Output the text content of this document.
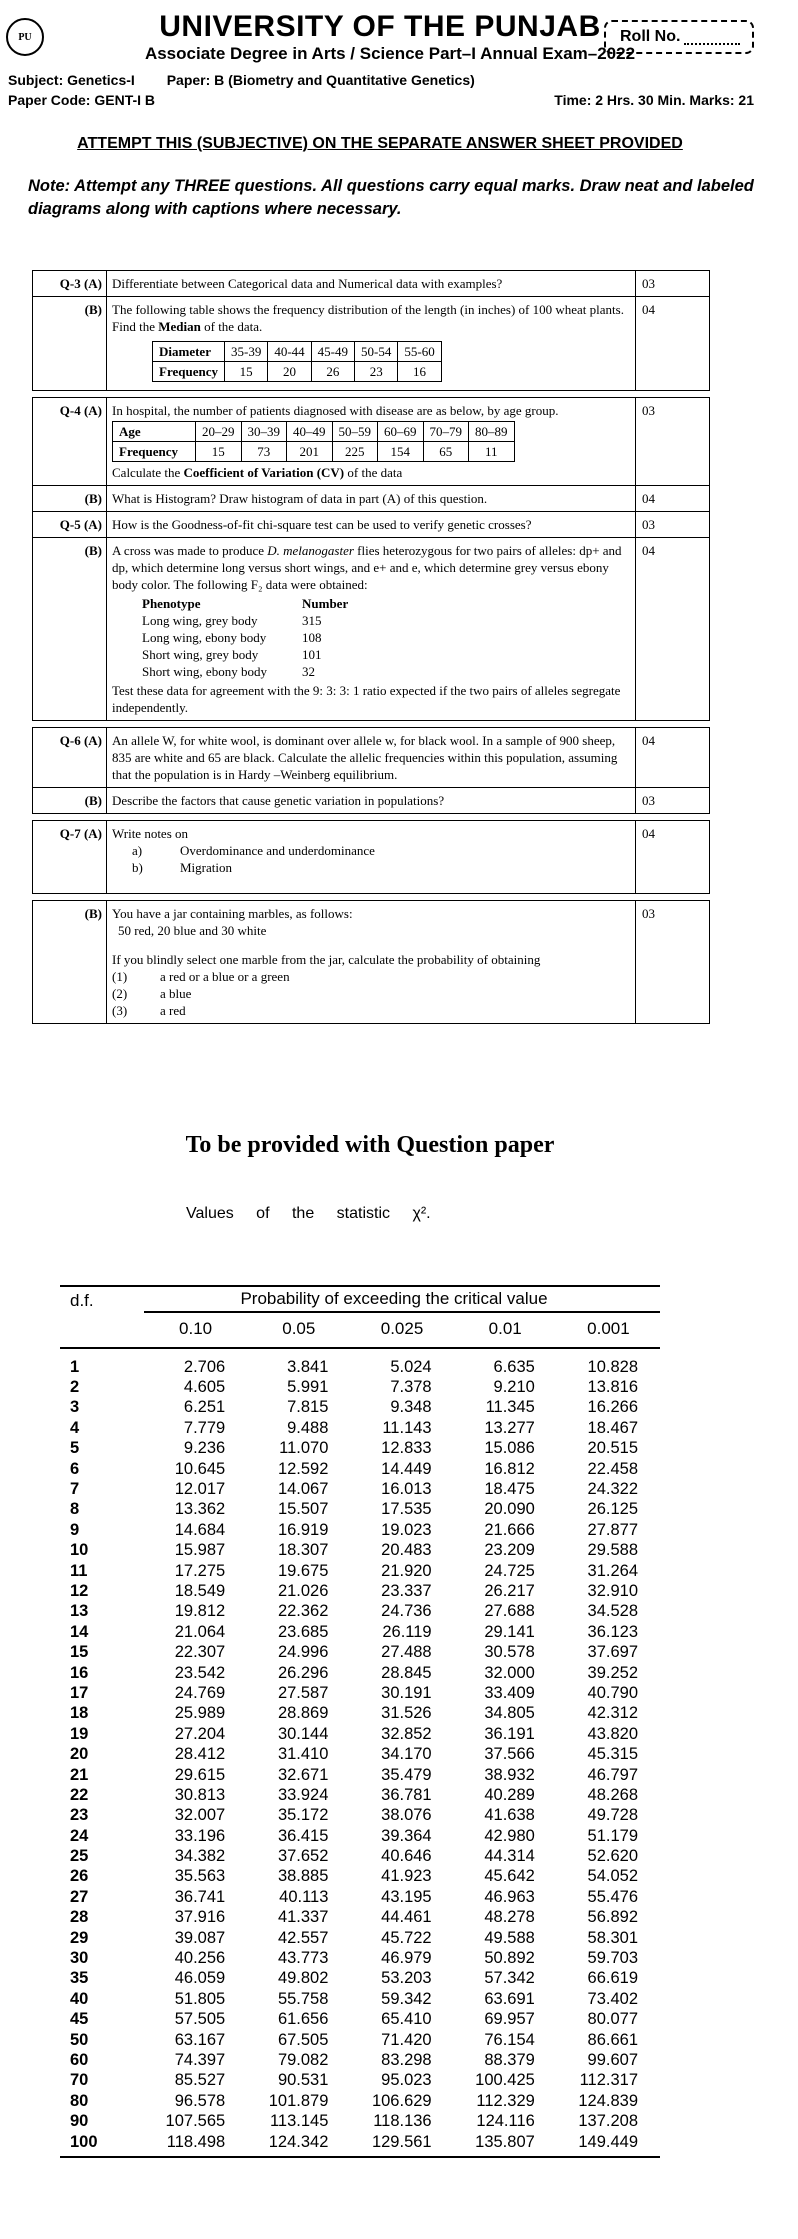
PU	UNIVERSITY OF THE PUNJAB	Roll No.
Associate Degree in Arts / Science Part–I Annual Exam–2022
Subject: Genetics-I Paper: B (Biometry and Quantitative Genetics)
Paper Code: GENT-I B	Time: 2 Hrs. 30 Min. Marks: 21
ATTEMPT THIS (SUBJECTIVE) ON THE SEPARATE ANSWER SHEET PROVIDED
Note: Attempt any THREE questions. All questions carry equal marks. Draw neat and labeled diagrams along with captions where necessary.
Q-3 (A)	Differentiate between Categorical data and Numerical data with examples?	03
(B)	The following table shows the frequency distribution of the length (in inches) of 100 wheat plants. Find the Median of the data.
Diameter	35-39	40-44	45-49	50-54	55-60
Frequency	15	20	26	23	16
	04

Q-4 (A)	In hospital, the number of patients diagnosed with disease are as below, by age group.
Age	20–29	30–39	40–49	50–59	60–69	70–79	80–89
Frequency	15	73	201	225	154	65	11
Calculate the Coefficient of Variation (CV) of the data	03
(B)	What is Histogram? Draw histogram of data in part (A) of this question.	04
Q-5 (A)	How is the Goodness-of-fit chi-square test can be used to verify genetic crosses?	03
(B)	A cross was made to produce D. melanogaster flies heterozygous for two pairs of alleles: dp+ and dp, which determine long versus short wings, and e+ and e, which determine grey versus ebony body color. The following F₂ data were obtained:
Phenotype	Number
Long wing, grey body	315
Long wing, ebony body	108
Short wing, grey body	101
Short wing, ebony body	32
Test these data for agreement with the 9: 3: 3: 1 ratio expected if the two pairs of alleles segregate independently.	04

Q-6 (A)	An allele W, for white wool, is dominant over allele w, for black wool. In a sample of 900 sheep, 835 are white and 65 are black. Calculate the allelic frequencies within this population, assuming that the population is in Hardy –Weinberg equilibrium.	04
(B)	Describe the factors that cause genetic variation in populations?	03

Q-7 (A)	Write notes on
a)	Overdominance and underdominance
b)	Migration
	04

(B)	You have a jar containing marbles, as follows:
50 red, 20 blue and 30 white
If you blindly select one marble from the jar, calculate the probability of obtaining
(1)	a red or a blue or a green
(2)	a blue
(3)	a red
	03
To be provided with Question paper
Values of the statistic χ².
d.f.	Probability of exceeding the critical value
0.10	0.05	0.025	0.01	0.001
1	2.706	3.841	5.024	6.635	10.828
2	4.605	5.991	7.378	9.210	13.816
3	6.251	7.815	9.348	11.345	16.266
4	7.779	9.488	11.143	13.277	18.467
5	9.236	11.070	12.833	15.086	20.515
6	10.645	12.592	14.449	16.812	22.458
7	12.017	14.067	16.013	18.475	24.322
8	13.362	15.507	17.535	20.090	26.125
9	14.684	16.919	19.023	21.666	27.877
10	15.987	18.307	20.483	23.209	29.588
11	17.275	19.675	21.920	24.725	31.264
12	18.549	21.026	23.337	26.217	32.910
13	19.812	22.362	24.736	27.688	34.528
14	21.064	23.685	26.119	29.141	36.123
15	22.307	24.996	27.488	30.578	37.697
16	23.542	26.296	28.845	32.000	39.252
17	24.769	27.587	30.191	33.409	40.790
18	25.989	28.869	31.526	34.805	42.312
19	27.204	30.144	32.852	36.191	43.820
20	28.412	31.410	34.170	37.566	45.315
21	29.615	32.671	35.479	38.932	46.797
22	30.813	33.924	36.781	40.289	48.268
23	32.007	35.172	38.076	41.638	49.728
24	33.196	36.415	39.364	42.980	51.179
25	34.382	37.652	40.646	44.314	52.620
26	35.563	38.885	41.923	45.642	54.052
27	36.741	40.113	43.195	46.963	55.476
28	37.916	41.337	44.461	48.278	56.892
29	39.087	42.557	45.722	49.588	58.301
30	40.256	43.773	46.979	50.892	59.703
35	46.059	49.802	53.203	57.342	66.619
40	51.805	55.758	59.342	63.691	73.402
45	57.505	61.656	65.410	69.957	80.077
50	63.167	67.505	71.420	76.154	86.661
60	74.397	79.082	83.298	88.379	99.607
70	85.527	90.531	95.023	100.425	112.317
80	96.578	101.879	106.629	112.329	124.839
90	107.565	113.145	118.136	124.116	137.208
100	118.498	124.342	129.561	135.807	149.449
